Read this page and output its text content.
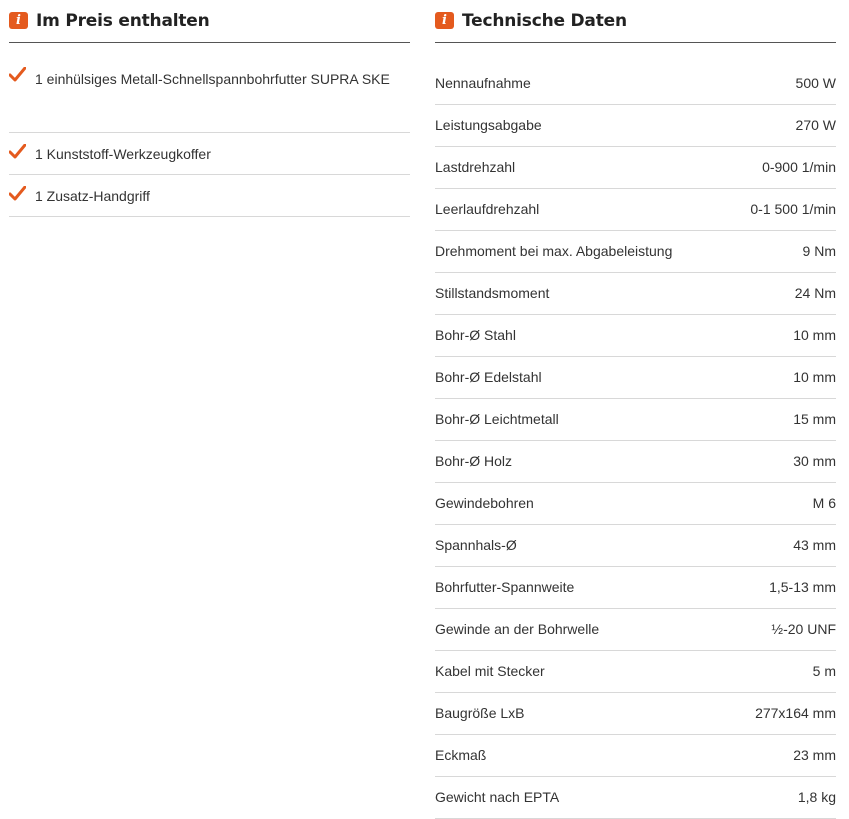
i Im Preis enthalten
1 einhülsiges Metall-Schnellspannbohrfutter SUPRA SKE
1 Kunststoff-Werkzeugkoffer
1 Zusatz-Handgriff
i Technische Daten
Nennaufnahme	500 W
Leistungsabgabe	270 W
Lastdrehzahl	0-900 1/min
Leerlaufdrehzahl	0-1 500 1/min
Drehmoment bei max. Abgabeleistung	9 Nm
Stillstandsmoment	24 Nm
Bohr-Ø Stahl	10 mm
Bohr-Ø Edelstahl	10 mm
Bohr-Ø Leichtmetall	15 mm
Bohr-Ø Holz	30 mm
Gewindebohren	M 6
Spannhals-Ø	43 mm
Bohrfutter-Spannweite	1,5-13 mm
Gewinde an der Bohrwelle	½-20 UNF
Kabel mit Stecker	5 m
Baugröße LxB	277x164 mm
Eckmaß	23 mm
Gewicht nach EPTA	1,8 kg
